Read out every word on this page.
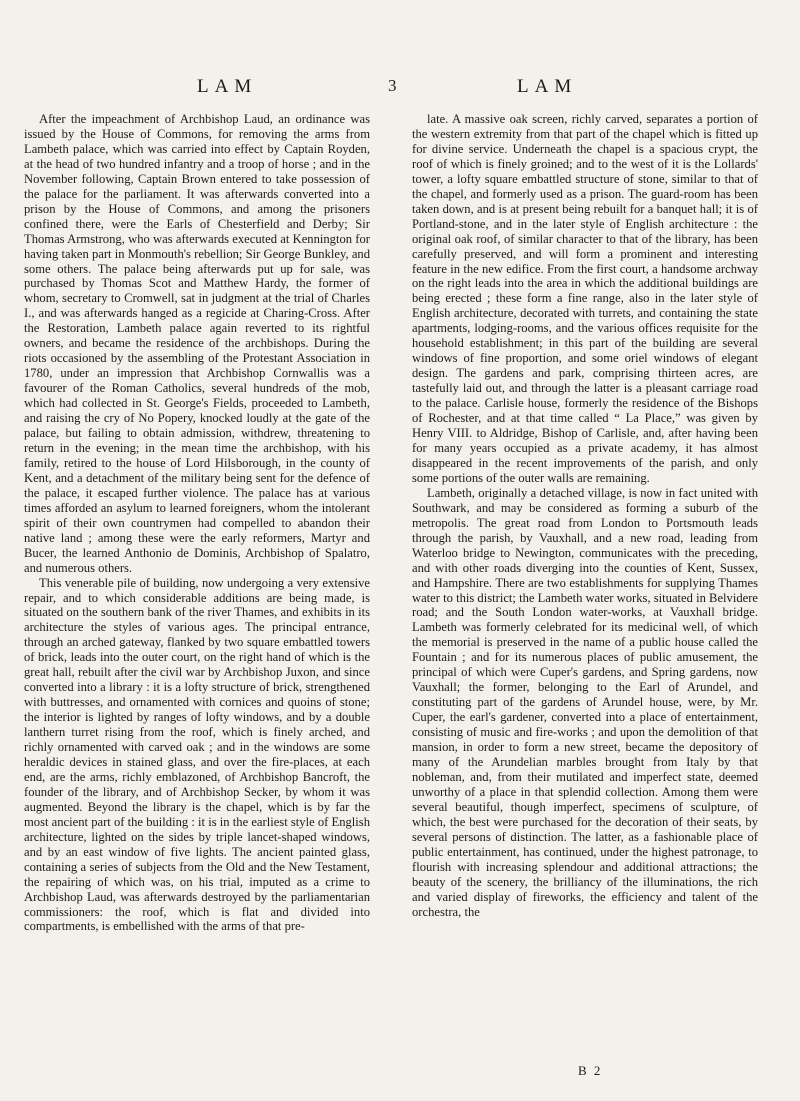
LAM	3	LAM

After the impeachment of Archbishop Laud, an ordinance was issued by the House of Commons, for removing the arms from Lambeth palace, which was carried into effect by Captain Royden, at the head of two hundred infantry and a troop of horse ; and in the November following, Captain Brown entered to take possession of the palace for the parliament. It was afterwards converted into a prison by the House of Commons, and among the prisoners confined there, were the Earls of Chesterfield and Derby; Sir Thomas Armstrong, who was afterwards executed at Kennington for having taken part in Monmouth's rebellion; Sir George Bunkley, and some others. The palace being afterwards put up for sale, was purchased by Thomas Scot and Matthew Hardy, the former of whom, secretary to Cromwell, sat in judgment at the trial of Charles I., and was afterwards hanged as a regicide at Charing-Cross. After the Restoration, Lambeth palace again reverted to its rightful owners, and became the residence of the archbishops. During the riots occasioned by the assembling of the Protestant Association in 1780, under an impression that Archbishop Cornwallis was a favourer of the Roman Catholics, several hundreds of the mob, which had collected in St. George's Fields, proceeded to Lambeth, and raising the cry of No Popery, knocked loudly at the gate of the palace, but failing to obtain admission, withdrew, threatening to return in the evening; in the mean time the archbishop, with his family, retired to the house of Lord Hilsborough, in the county of Kent, and a detachment of the military being sent for the defence of the palace, it escaped further violence. The palace has at various times afforded an asylum to learned foreigners, whom the intolerant spirit of their own countrymen had compelled to abandon their native land ; among these were the early reformers, Martyr and Bucer, the learned Anthonio de Dominis, Archbishop of Spalatro, and numerous others.

This venerable pile of building, now undergoing a very extensive repair, and to which considerable additions are being made, is situated on the southern bank of the river Thames, and exhibits in its architecture the styles of various ages. The principal entrance, through an arched gateway, flanked by two square embattled towers of brick, leads into the outer court, on the right hand of which is the great hall, rebuilt after the civil war by Archbishop Juxon, and since converted into a library : it is a lofty structure of brick, strengthened with buttresses, and ornamented with cornices and quoins of stone; the interior is lighted by ranges of lofty windows, and by a double lanthern turret rising from the roof, which is finely arched, and richly ornamented with carved oak ; and in the windows are some heraldic devices in stained glass, and over the fire-places, at each end, are the arms, richly emblazoned, of Archbishop Bancroft, the founder of the library, and of Archbishop Secker, by whom it was augmented. Beyond the library is the chapel, which is by far the most ancient part of the building : it is in the earliest style of English architecture, lighted on the sides by triple lancet-shaped windows, and by an east window of five lights. The ancient painted glass, containing a series of subjects from the Old and the New Testament, the repairing of which was, on his trial, imputed as a crime to Archbishop Laud, was afterwards destroyed by the parliamentarian commissioners: the roof, which is flat and divided into compartments, is embellished with the arms of that pre-

late. A massive oak screen, richly carved, separates a portion of the western extremity from that part of the chapel which is fitted up for divine service. Underneath the chapel is a spacious crypt, the roof of which is finely groined; and to the west of it is the Lollards' tower, a lofty square embattled structure of stone, similar to that of the chapel, and formerly used as a prison. The guard-room has been taken down, and is at present being rebuilt for a banquet hall; it is of Portland-stone, and in the later style of English architecture : the original oak roof, of similar character to that of the library, has been carefully preserved, and will form a prominent and interesting feature in the new edifice. From the first court, a handsome archway on the right leads into the area in which the additional buildings are being erected ; these form a fine range, also in the later style of English architecture, decorated with turrets, and containing the state apartments, lodging-rooms, and the various offices requisite for the household establishment; in this part of the building are several windows of fine proportion, and some oriel windows of elegant design. The gardens and park, comprising thirteen acres, are tastefully laid out, and through the latter is a pleasant carriage road to the palace. Carlisle house, formerly the residence of the Bishops of Rochester, and at that time called “ La Place,” was given by Henry VIII. to Aldridge, Bishop of Carlisle, and, after having been for many years occupied as a private academy, it has almost disappeared in the recent improvements of the parish, and only some portions of the outer walls are remaining.

Lambeth, originally a detached village, is now in fact united with Southwark, and may be considered as forming a suburb of the metropolis. The great road from London to Portsmouth leads through the parish, by Vauxhall, and a new road, leading from Waterloo bridge to Newington, communicates with the preceding, and with other roads diverging into the counties of Kent, Sussex, and Hampshire. There are two establishments for supplying Thames water to this district; the Lambeth water works, situated in Belvidere road; and the South London water-works, at Vauxhall bridge. Lambeth was formerly celebrated for its medicinal well, of which the memorial is preserved in the name of a public house called the Fountain ; and for its numerous places of public amusement, the principal of which were Cuper's gardens, and Spring gardens, now Vauxhall; the former, belonging to the Earl of Arundel, and constituting part of the gardens of Arundel house, were, by Mr. Cuper, the earl's gardener, converted into a place of entertainment, consisting of music and fire-works ; and upon the demolition of that mansion, in order to form a new street, became the depository of many of the Arundelian marbles brought from Italy by that nobleman, and, from their mutilated and imperfect state, deemed unworthy of a place in that splendid collection. Among them were several beautiful, though imperfect, specimens of sculpture, of which, the best were purchased for the decoration of their seats, by several persons of distinction. The latter, as a fashionable place of public entertainment, has continued, under the highest patronage, to flourish with increasing splendour and additional attractions; the beauty of the scenery, the brilliancy of the illuminations, the rich and varied display of fireworks, the efficiency and talent of the orchestra, the

B 2
